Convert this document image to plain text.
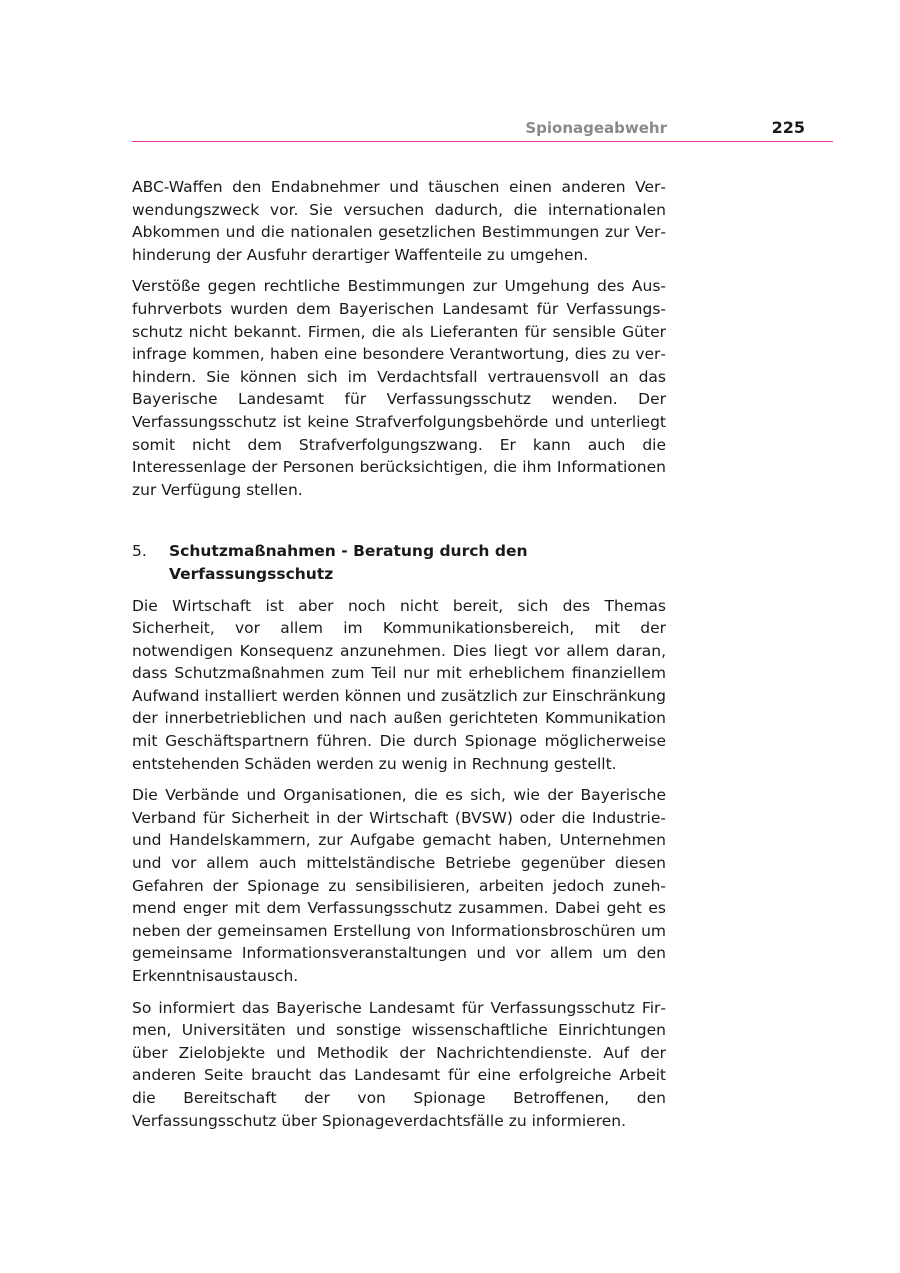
Spionageabwehr	225

ABC-Waffen den Endabnehmer und täuschen einen anderen Verwendungszweck vor. Sie versuchen dadurch, die internationalen Abkommen und die nationalen gesetzlichen Bestimmungen zur Verhinderung der Ausfuhr derartiger Waffenteile zu umgehen.

Verstöße gegen rechtliche Bestimmungen zur Umgehung des Ausfuhrverbots wurden dem Bayerischen Landesamt für Verfassungsschutz nicht bekannt. Firmen, die als Lieferanten für sensible Güter infrage kommen, haben eine besondere Verantwortung, dies zu verhindern. Sie können sich im Verdachtsfall vertrauensvoll an das Bayerische Landesamt für Verfassungsschutz wenden. Der Verfassungsschutz ist keine Strafverfolgungsbehörde und unterliegt somit nicht dem Strafverfolgungszwang. Er kann auch die Interessenlage der Personen berücksichtigen, die ihm Informationen zur Verfügung stellen.

5.	Schutzmaßnahmen - Beratung durch den Verfassungsschutz

Die Wirtschaft ist aber noch nicht bereit, sich des Themas Sicherheit, vor allem im Kommunikationsbereich, mit der notwendigen Konsequenz anzunehmen. Dies liegt vor allem daran, dass Schutzmaßnahmen zum Teil nur mit erheblichem finanziellem Aufwand installiert werden können und zusätzlich zur Einschränkung der innerbetrieblichen und nach außen gerichteten Kommunikation mit Geschäftspartnern führen. Die durch Spionage möglicherweise entstehenden Schäden werden zu wenig in Rechnung gestellt.

Die Verbände und Organisationen, die es sich, wie der Bayerische Verband für Sicherheit in der Wirtschaft (BVSW) oder die Industrie- und Handelskammern, zur Aufgabe gemacht haben, Unternehmen und vor allem auch mittelständische Betriebe gegenüber diesen Gefahren der Spionage zu sensibilisieren, arbeiten jedoch zunehmend enger mit dem Verfassungsschutz zusammen. Dabei geht es neben der gemeinsamen Erstellung von Informationsbroschüren um gemeinsame Informationsveranstaltungen und vor allem um den Erkenntnisaustausch.

So informiert das Bayerische Landesamt für Verfassungsschutz Firmen, Universitäten und sonstige wissenschaftliche Einrichtungen über Zielobjekte und Methodik der Nachrichtendienste. Auf der anderen Seite braucht das Landesamt für eine erfolgreiche Arbeit die Bereitschaft der von Spionage Betroffenen, den Verfassungsschutz über Spionageverdachtsfälle zu informieren.
